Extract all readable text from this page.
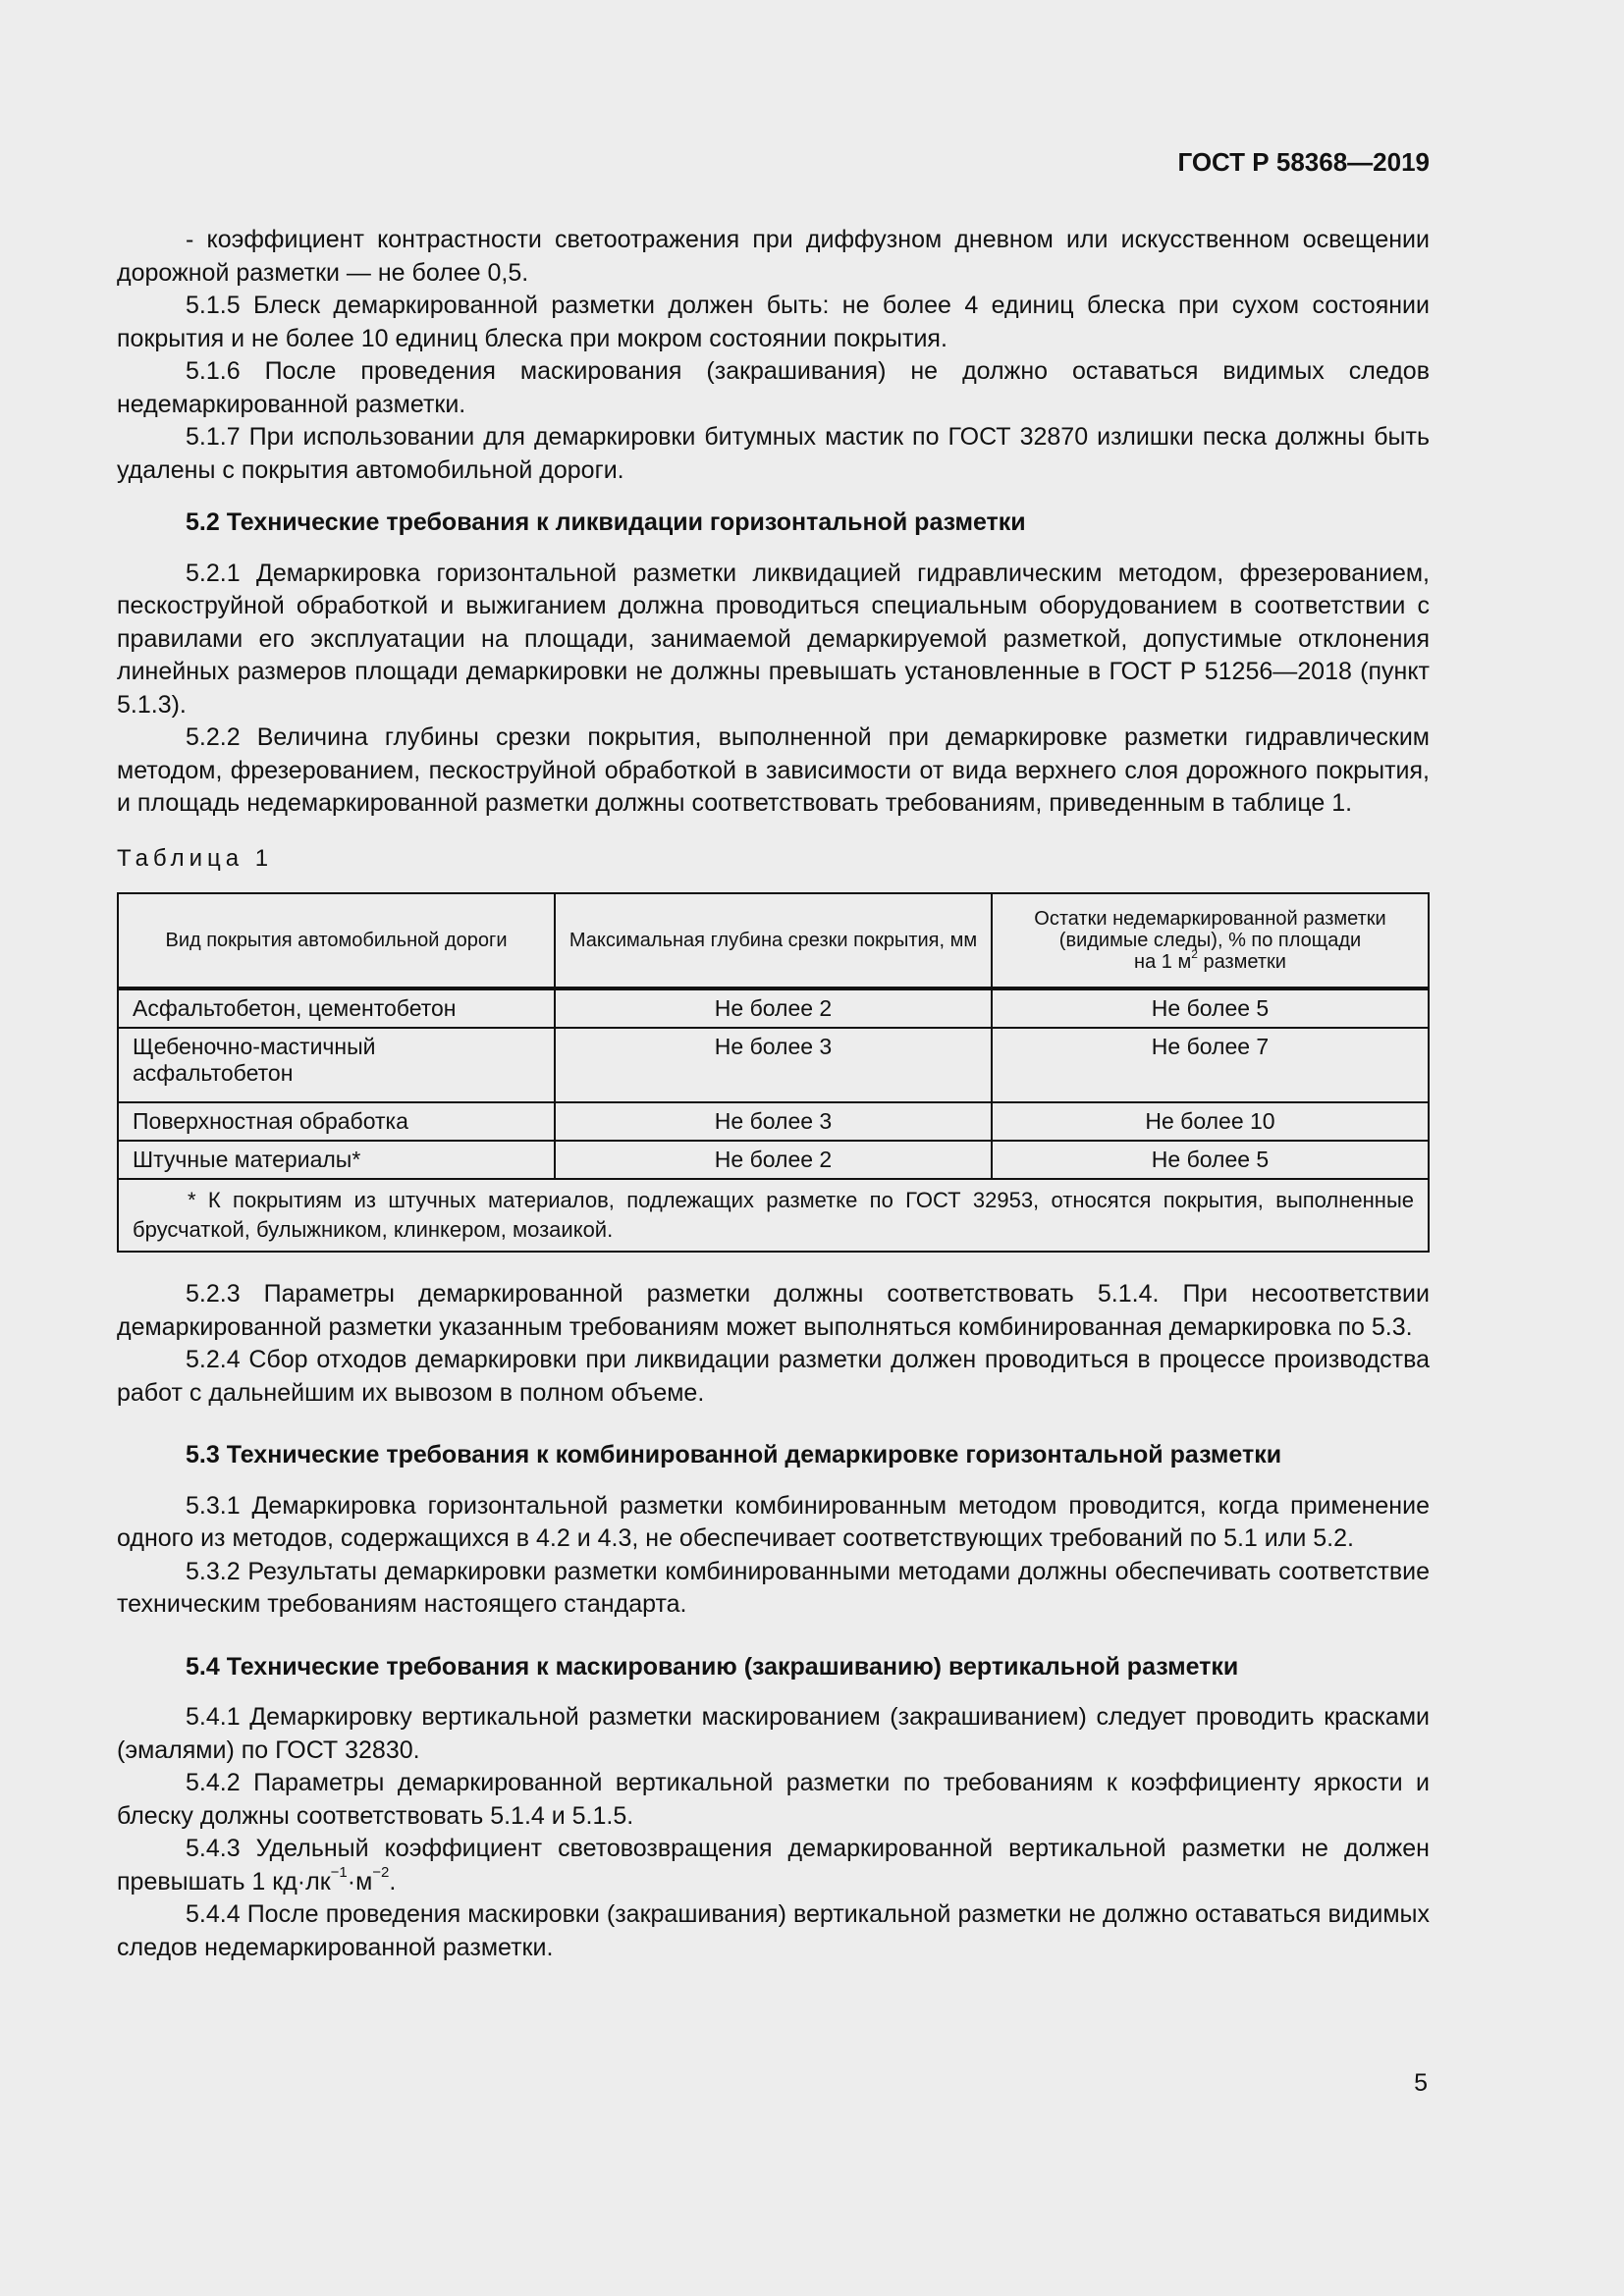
ГОСТ Р 58368—2019

- коэффициент контрастности светоотражения при диффузном дневном или искусственном освещении дорожной разметки — не более 0,5.

5.1.5 Блеск демаркированной разметки должен быть: не более 4 единиц блеска при сухом состоянии покрытия и не более 10 единиц блеска при мокром состоянии покрытия.

5.1.6 После проведения маскирования (закрашивания) не должно оставаться видимых следов недемаркированной разметки.

5.1.7 При использовании для демаркировки битумных мастик по ГОСТ 32870 излишки песка должны быть удалены с покрытия автомобильной дороги.

5.2 Технические требования к ликвидации горизонтальной разметки

5.2.1 Демаркировка горизонтальной разметки ликвидацией гидравлическим методом, фрезерованием, пескоструйной обработкой и выжиганием должна проводиться специальным оборудованием в соответствии с правилами его эксплуатации на площади, занимаемой демаркируемой разметкой, допустимые отклонения линейных размеров площади демаркировки не должны превышать установленные в ГОСТ Р 51256—2018 (пункт 5.1.3).

5.2.2 Величина глубины срезки покрытия, выполненной при демаркировке разметки гидравлическим методом, фрезерованием, пескоструйной обработкой в зависимости от вида верхнего слоя дорожного покрытия, и площадь недемаркированной разметки должны соответствовать требованиям, приведенным в таблице 1.

Таблица 1

Вид покрытия автомобильной дороги	Максимальная глубина срезки покрытия, мм	Остатки недемаркированной разметки (видимые следы), % по площади
на 1 $м^2$ разметки
Асфальтобетон, цементобетон	Не более 2	Не более 5
Щебеночно-мастичный асфальтобетон	Не более 3	Не более 7
Поверхностная обработка	Не более 3	Не более 10
Штучные материалы*	Не более 2	Не более 5
* К покрытиям из штучных материалов, подлежащих разметке по ГОСТ 32953, относятся покрытия, выполненные брусчаткой, булыжником, клинкером, мозаикой.		

5.2.3 Параметры демаркированной разметки должны соответствовать 5.1.4. При несоответствии демаркированной разметки указанным требованиям может выполняться комбинированная демаркировка по 5.3.

5.2.4 Сбор отходов демаркировки при ликвидации разметки должен проводиться в процессе производства работ с дальнейшим их вывозом в полном объеме.

5.3 Технические требования к комбинированной демаркировке горизонтальной разметки

5.3.1 Демаркировка горизонтальной разметки комбинированным методом проводится, когда применение одного из методов, содержащихся в 4.2 и 4.3, не обеспечивает соответствующих требований по 5.1 или 5.2.

5.3.2 Результаты демаркировки разметки комбинированными методами должны обеспечивать соответствие техническим требованиям настоящего стандарта.

5.4 Технические требования к маскированию (закрашиванию) вертикальной разметки

5.4.1 Демаркировку вертикальной разметки маскированием (закрашиванием) следует проводить красками (эмалями) по ГОСТ 32830.

5.4.2 Параметры демаркированной вертикальной разметки по требованиям к коэффициенту яркости и блеску должны соответствовать 5.1.4 и 5.1.5.

5.4.3 Удельный коэффициент световозвращения демаркированной вертикальной разметки не должен превышать 1 $кд\cdot лк^{-1}\cdot м^{-2}$.

5.4.4 После проведения маскировки (закрашивания) вертикальной разметки не должно оставаться видимых следов недемаркированной разметки.

5
